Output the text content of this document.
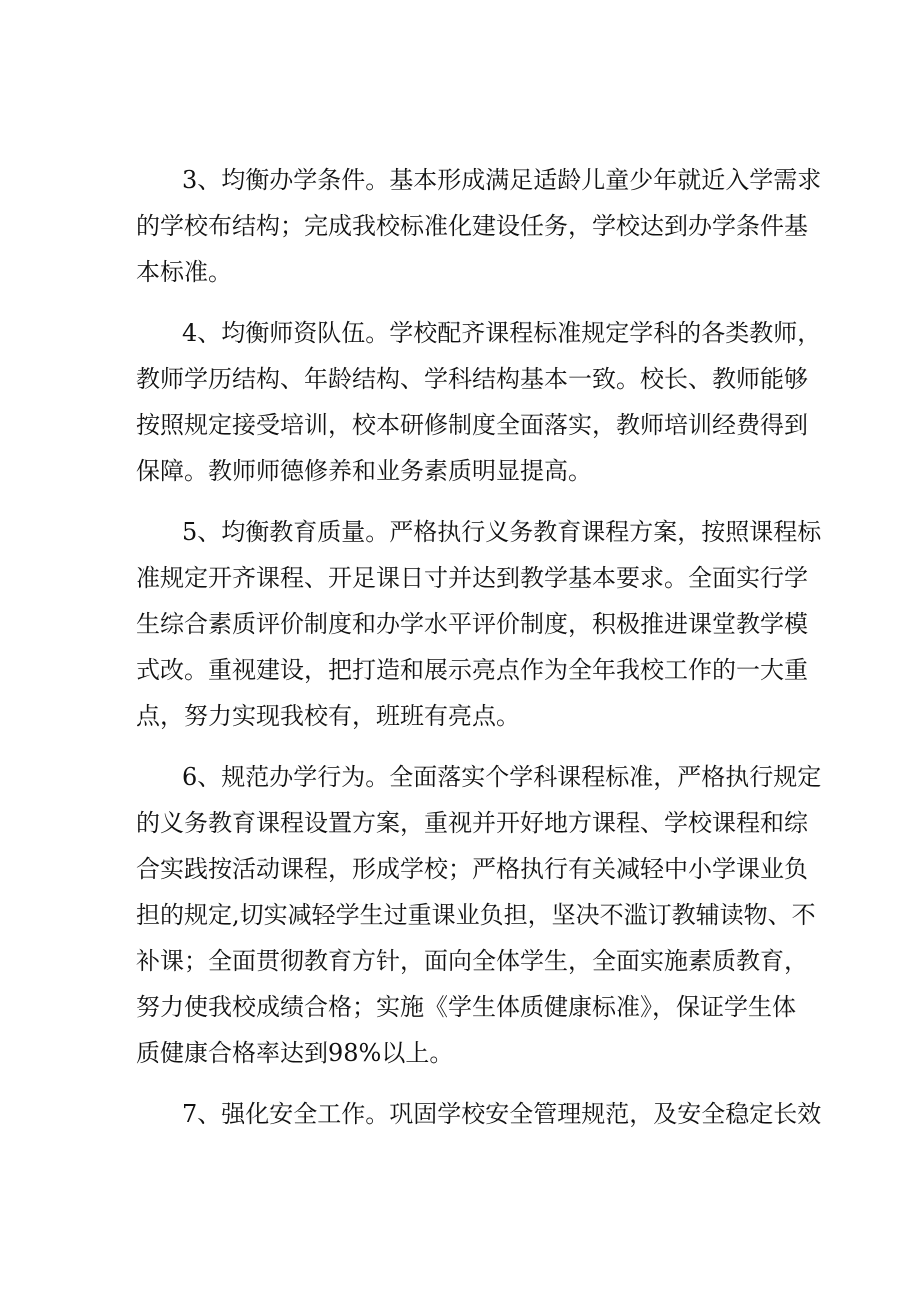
3、均衡办学条件。基本形成满足适龄儿童少年就近入学需求
的学校布结构；完成我校标准化建设任务，学校达到办学条件基
本标准。
4、均衡师资队伍。学校配齐课程标准规定学科的各类教师，
教师学历结构、年龄结构、学科结构基本一致。校长、教师能够
按照规定接受培训，校本研修制度全面落实，教师培训经费得到
保障。教师师德修养和业务素质明显提高。
5、均衡教育质量。严格执行义务教育课程方案，按照课程标
准规定开齐课程、开足课日寸并达到教学基本要求。全面实行学
生综合素质评价制度和办学水平评价制度，积极推进课堂教学模
式改。重视建设，把打造和展示亮点作为全年我校工作的一大重
点，努力实现我校有，班班有亮点。
6、规范办学行为。全面落实个学科课程标准，严格执行规定
的义务教育课程设置方案，重视并开好地方课程、学校课程和综
合实践按活动课程，形成学校；严格执行有关减轻中小学课业负
担的规定,切实减轻学生过重课业负担，坚决不滥订教辅读物、不
补课；全面贯彻教育方针，面向全体学生，全面实施素质教育，
努力使我校成绩合格；实施《学生体质健康标准》，保证学生体
质健康合格率达到98%以上。
7、强化安全工作。巩固学校安全管理规范，及安全稳定长效
